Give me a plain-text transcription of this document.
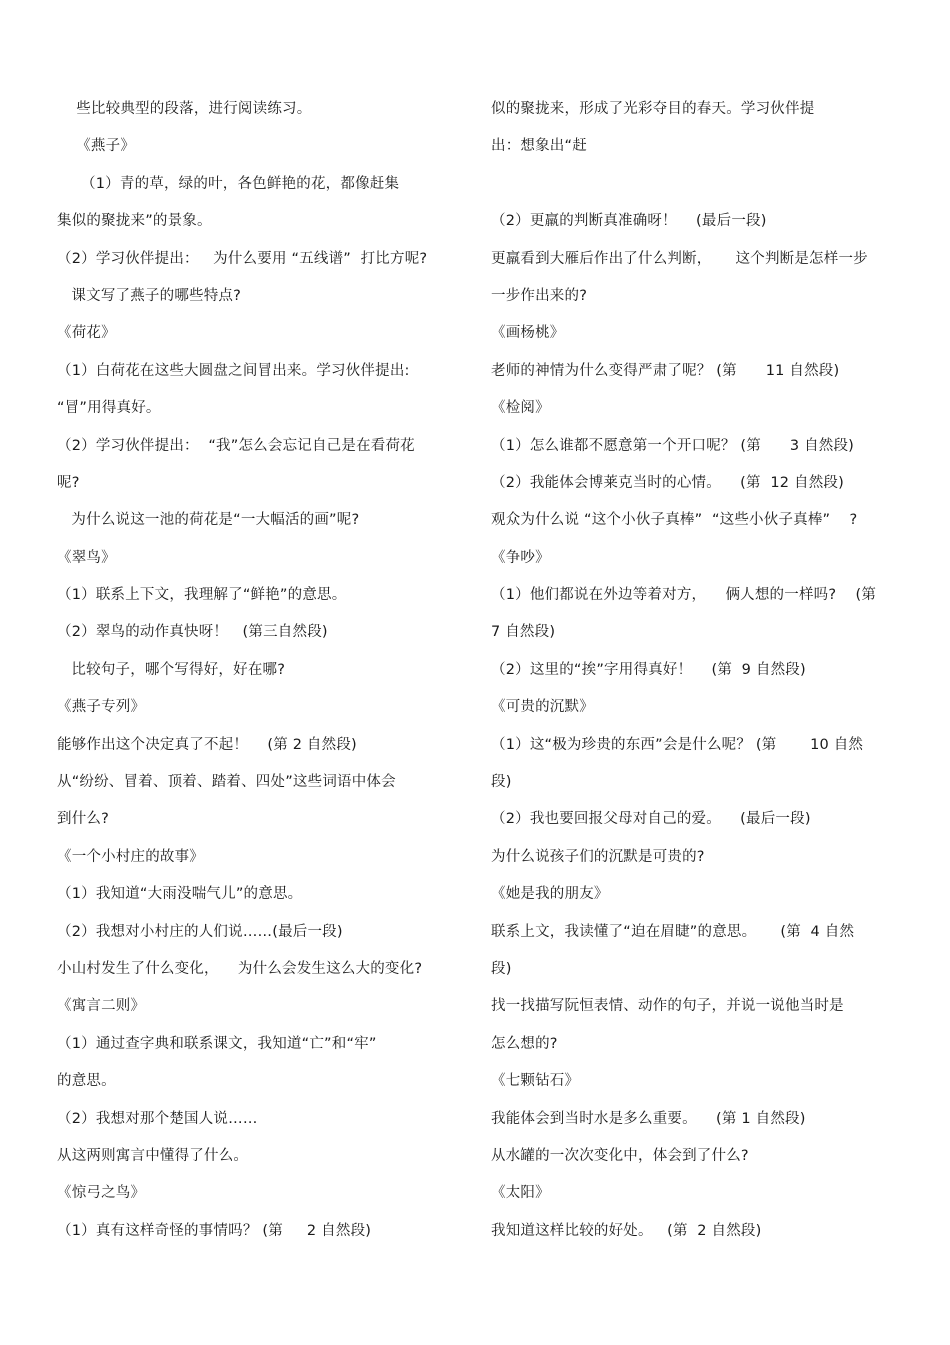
些比较典型的段落，进行阅读练习。
《燕子》
（1）青的草，绿的叶，各色鲜艳的花，都像赶集
集似的聚拢来”的景象。
（2）学习伙伴提出：   为什么要用 “五线谱”  打比方呢?
课文写了燕子的哪些特点?
《荷花》
（1）白荷花在这些大圆盘之间冒出来。学习伙伴提出:
“冒”用得真好。
（2）学习伙伴提出：  “我”怎么会忘记自己是在看荷花
呢?
为什么说这一池的荷花是“一大幅活的画”呢?
《翠鸟》
（1）联系上下文，我理解了“鲜艳”的意思。
（2）翠鸟的动作真快呀！   (第三自然段)
比较句子，哪个写得好，好在哪?
《燕子专列》
能够作出这个决定真了不起！    (第 2 自然段)
从“纷纷、冒着、顶着、踏着、四处”这些词语中体会
到什么?
《一个小村庄的故事》
（1）我知道“大雨没喘气儿”的意思。
（2）我想对小村庄的人们说……(最后一段)
小山村发生了什么变化，    为什么会发生这么大的变化?
《寓言二则》
（1）通过查字典和联系课文，我知道“亡”和“牢”
的意思。
（2）我想对那个楚国人说……
从这两则寓言中懂得了什么。
《惊弓之鸟》
（1）真有这样奇怪的事情吗？ (第     2 自然段)
似的聚拢来，形成了光彩夺目的春天。学习伙伴提
出：想象出“赶
（2）更羸的判断真准确呀！    (最后一段)
更羸看到大雁后作出了什么判断，     这个判断是怎样一步
一步作出来的?
《画杨桃》
老师的神情为什么变得严肃了呢？ (第      11 自然段)
《检阅》
（1）怎么谁都不愿意第一个开口呢？ (第      3 自然段)
（2）我能体会博莱克当时的心情。    (第  12 自然段)
观众为什么说 “这个小伙子真棒”  “这些小伙子真棒”    ?
《争吵》
（1）他们都说在外边等着对方，    俩人想的一样吗?    (第
7 自然段)
（2）这里的“挨”字用得真好！    (第  9 自然段)
《可贵的沉默》
（1）这“极为珍贵的东西”会是什么呢？ (第       10 自然
段)
（2）我也要回报父母对自己的爱。    (最后一段)
为什么说孩子们的沉默是可贵的?
《她是我的朋友》
联系上文，我读懂了“迫在眉睫”的意思。     (第  4 自然
段)
找一找描写阮恒表情、动作的句子，并说一说他当时是
怎么想的?
《七颗钻石》
我能体会到当时水是多么重要。    (第 1 自然段)
从水罐的一次次变化中，体会到了什么?
《太阳》
我知道这样比较的好处。   (第  2 自然段)
